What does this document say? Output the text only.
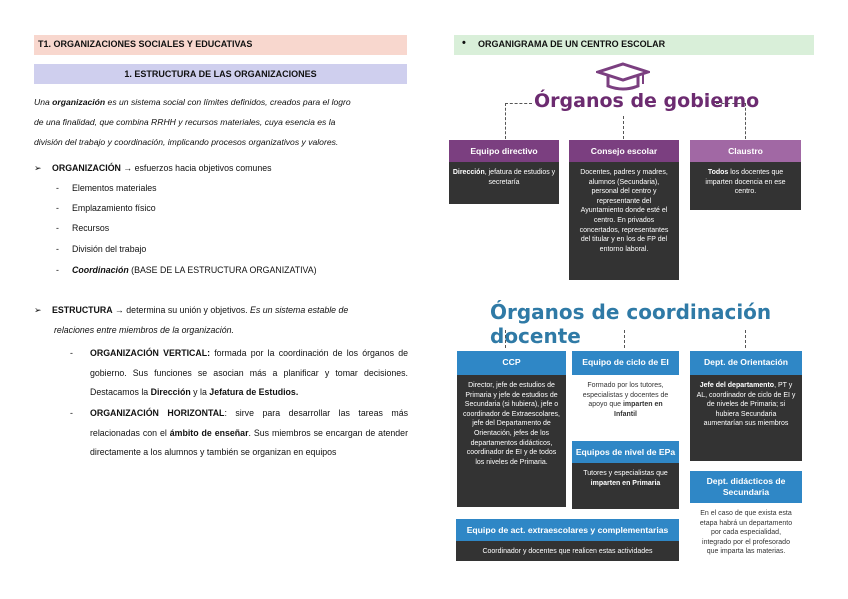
T1. ORGANIZACIONES SOCIALES Y EDUCATIVAS
1. ESTRUCTURA DE LAS ORGANIZACIONES
Una organización es un sistema social con límites definidos, creados para el logro
de una finalidad, que combina RRHH y recursos materiales, cuya esencia es la
división del trabajo y coordinación, implicando procesos organizativos y valores.
➢ ORGANIZACIÓN → esfuerzos hacia objetivos comunes
- Elementos materiales
- Emplazamiento físico
- Recursos
- División del trabajo
- Coordinación (BASE DE LA ESTRUCTURA ORGANIZATIVA)
➢ ESTRUCTURA → determina su unión y objetivos. Es un sistema estable de

relaciones entre miembros de la organización.
-	ORGANIZACIÓN VERTICAL: formada por la coordinación de los órganos de gobierno. Sus funciones se asocian más a planificar y tomar decisiones. Destacamos la Dirección y la Jefatura de Estudios.
-	ORGANIZACIÓN HORIZONTAL: sirve para desarrollar las tareas más relacionadas con el ámbito de enseñar. Sus miembros se encargan de atender directamente a los alumnos y también se organizan en equipos
• ORGANIGRAMA DE UN CENTRO ESCOLAR
Órganos de gobierno
Equipo directivo
Dirección, jefatura de estudios y secretaría
Consejo escolar
Docentes, padres y madres, alumnos (Secundaria), personal del centro y representante del Ayuntamiento donde esté el centro. En privados concertados, representantes del titular y en los de FP del entorno laboral.
Claustro
Todos los docentes que imparten docencia en ese centro.
Órganos de coordinación docente
CCP
Director, jefe de estudios de Primaria y jefe de estudios de Secundaria (si hubiera), jefe o coordinador de Extraescolares, jefe del Departamento de Orientación, jefes de los departamentos didácticos, coordinador de EI y de todos los niveles de Primaria.
Equipo de ciclo de EI
Formado por los tutores, especialistas y docentes de apoyo que imparten en Infantil
Equipos de nivel de EPa
Tutores y especialistas que imparten en Primaria
Dept. de Orientación
Jefe del departamento, PT y AL, coordinador de ciclo de EI y de niveles de Primaria; si hubiera Secundaria aumentarían sus miembros
Dept. didácticos de Secundaria
En el caso de que exista esta etapa habrá un departamento por cada especialidad, integrado por el profesorado que imparta las materias.
Equipo de act. extraescolares y complementarias
Coordinador y docentes que realicen estas actividades
